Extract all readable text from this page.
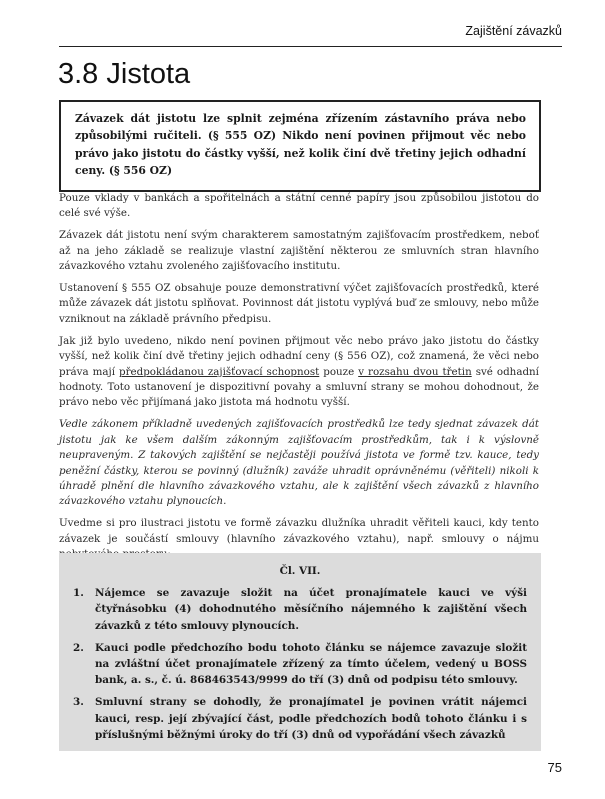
Zajištění závazků
3.8 Jistota
Závazek dát jistotu lze splnit zejména zřízením zástavního práva nebo způsobilými ručiteli. (§ 555 OZ) Nikdo není povinen přijmout věc nebo právo jako jistotu do částky vyšší, než kolik činí dvě třetiny jejich odhadní ceny. (§ 556 OZ)

Pouze vklady v bankách a spořitelnách a státní cenné papíry jsou způsobilou jistotou do celé své výše.

Závazek dát jistotu není svým charakterem samostatným zajišťovacím prostředkem, neboť až na jeho základě se realizuje vlastní zajištění některou ze smluvních stran hlavního závazkového vztahu zvoleného zajišťovacího institutu.

Ustanovení § 555 OZ obsahuje pouze demonstrativní výčet zajišťovacích prostředků, které může závazek dát jistotu splňovat. Povinnost dát jistotu vyplývá buď ze smlouvy, nebo může vzniknout na základě právního předpisu.

Jak již bylo uvedeno, nikdo není povinen přijmout věc nebo právo jako jistotu do částky vyšší, než kolik činí dvě třetiny jejich odhadní ceny (§ 556 OZ), což znamená, že věci nebo práva mají předpokládanou zajišťovací schopnost pouze v rozsahu dvou třetin své odhadní hodnoty. Toto ustanovení je dispozitivní povahy a smluvní strany se mohou dohodnout, že právo nebo věc přijímaná jako jistota má hodnotu vyšší.

Vedle zákonem příkladně uvedených zajišťovacích prostředků lze tedy sjednat závazek dát jistotu jak ke všem dalším zákonným zajišťovacím prostředkům, tak i k výslovně neupraveným. Z takových zajištění se nejčastěji používá jistota ve formě tzv. kauce, tedy peněžní částky, kterou se povinný (dlužník) zaváže uhradit oprávněnému (věřiteli) nikoli k úhradě plnění dle hlavního závazkového vztahu, ale k zajištění všech závazků z hlavního závazkového vztahu plynoucích.

Uvedme si pro ilustraci jistotu ve formě závazku dlužníka uhradit věřiteli kauci, kdy tento závazek je součástí smlouvy (hlavního závazkového vztahu), např. smlouvy o nájmu

Čl. VII.
1.	Nájemce se zavazuje složit na účet pronajímatele kauci ve výši čtyřnásobku (4) dohodnutého měsíčního nájemného k zajištění všech závazků z této smlouvy plynoucích.
2.	Kauci podle předchozího bodu tohoto článku se nájemce zavazuje složit na zvláštní účet pronajímatele zřízený za tímto účelem, vedený u BOSS bank, a. s., č. ú. 868463543/9999 do tří (3) dnů od podpisu této smlouvy.
3.	Smluvní strany se dohodly, že pronajímatel je povinen vrátit nájemci kauci, resp. její zbývající část, podle předchozích bodů tohoto článku i s příslušnými běžnými úroky do tří (3) dnů od vypořádání všech závazků
75
